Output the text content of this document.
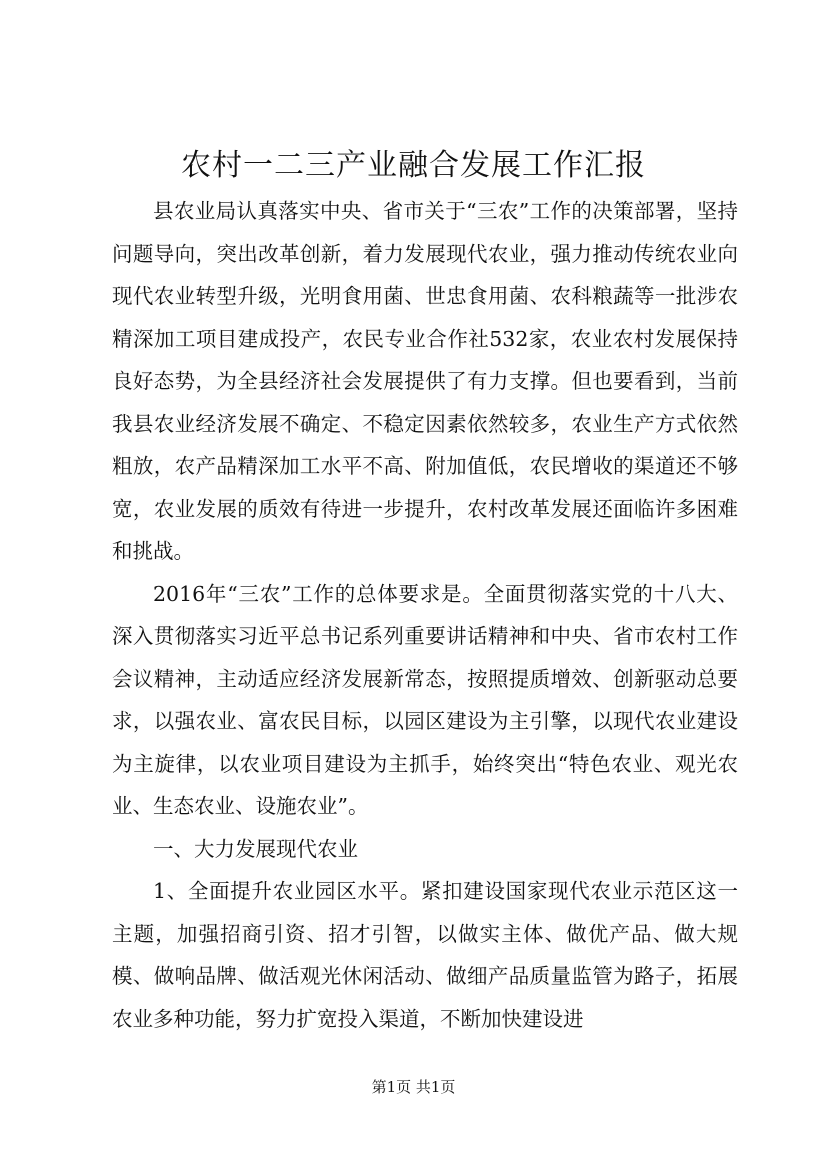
农村一二三产业融合发展工作汇报

县农业局认真落实中央、省市关于“三农”工作的决策部署，坚持问题导向，突出改革创新，着力发展现代农业，强力推动传统农业向现代农业转型升级，光明食用菌、世忠食用菌、农科粮蔬等一批涉农精深加工项目建成投产，农民专业合作社532家，农业农村发展保持良好态势，为全县经济社会发展提供了有力支撑。但也要看到，当前我县农业经济发展不确定、不稳定因素依然较多，农业生产方式依然粗放，农产品精深加工水平不高、附加值低，农民增收的渠道还不够宽，农业发展的质效有待进一步提升，农村改革发展还面临许多困难和挑战。

2016年“三农”工作的总体要求是。全面贯彻落实党的十八大、深入贯彻落实习近平总书记系列重要讲话精神和中央、省市农村工作会议精神，主动适应经济发展新常态，按照提质增效、创新驱动总要求，以强农业、富农民目标，以园区建设为主引擎，以现代农业建设为主旋律，以农业项目建设为主抓手，始终突出“特色农业、观光农业、生态农业、设施农业”。

一、大力发展现代农业

1、全面提升农业园区水平。紧扣建设国家现代农业示范区这一主题，加强招商引资、招才引智，以做实主体、做优产品、做大规模、做响品牌、做活观光休闲活动、做细产品质量监管为路子，拓展农业多种功能，努力扩宽投入渠道，不断加快建设进

第1页 共1页
